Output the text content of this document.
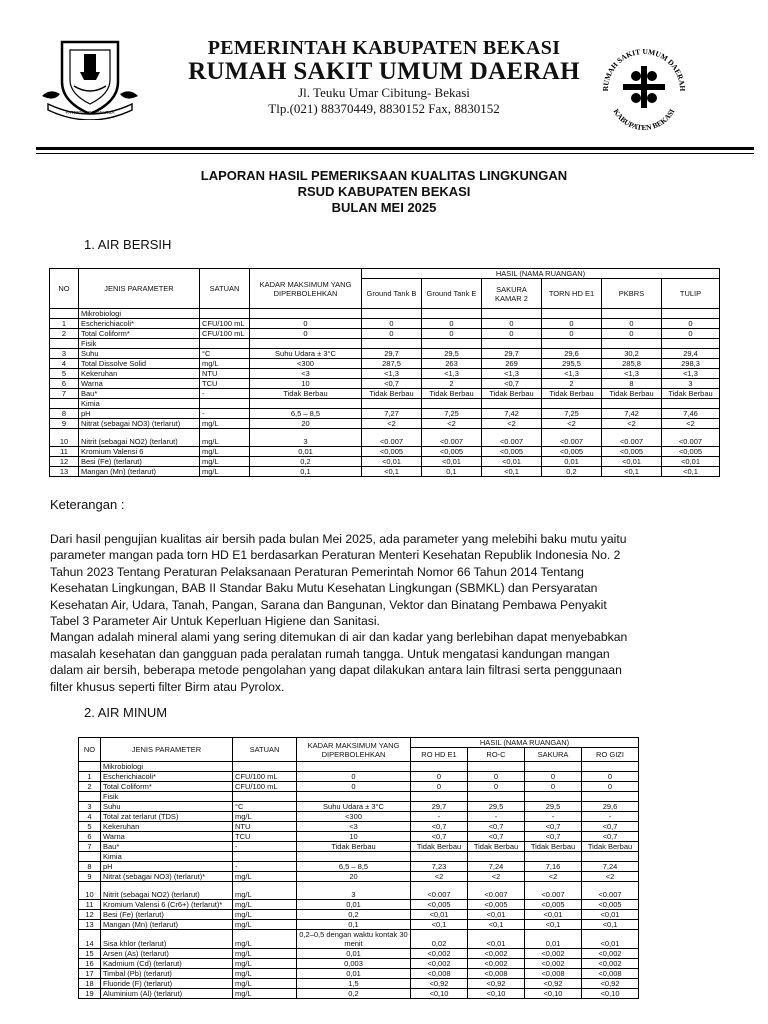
PATRIOT ADILAWARSA
PEMERINTAH KABUPATEN BEKASI
RUMAH SAKIT UMUM DAERAH
Jl. Teuku Umar Cibitung- Bekasi
Tlp.(021) 88370449, 8830152 Fax, 8830152
RUMAH SAKIT UMUM DAERAH
KABUPATEN BEKASI
LAPORAN HASIL PEMERIKSAAN KUALITAS LINGKUNGAN
RSUD KABUPATEN BEKASI
BULAN MEI 2025
1. AIR BERSIH
NO	JENIS PARAMETER	SATUAN	KADAR MAKSIMUM YANG DIPERBOLEHKAN	HASIL (NAMA RUANGAN)					
				Ground Tank B	Ground Tank E	SAKURA KAMAR 2	TORN HD E1	PKBRS	TULIP
	Mikrobiologi								
1	Escherichiacoli*	CFU/100 mL	0	0	0	0	0	0	0
2	Total Coliform*	CFU/100 mL	0	0	0	0	0	0	0
	Fisik								
3	Suhu	°C	Suhu Udara ± 3°C	29,7	29,5	29,7	29,6	30,2	29,4
4	Total Dissolve Solid	mg/L	<300	287,5	263	269	295,5	285,8	298,3
5	Kekeruhan	NTU	<3	<1,3	<1,3	<1,3	<1,3	<1,3	<1,3
6	Warna	TCU	10	<0,7	2	<0,7	2	8	3
7	Bau*	-	Tidak Berbau	Tidak Berbau	Tidak Berbau	Tidak Berbau	Tidak Berbau	Tidak Berbau	Tidak Berbau
	Kimia								
8	pH	-	6,5 – 8,5	7,27	7,25	7,42	7,25	7,42	7,46
9	Nitrat (sebagai NO3) (terlarut)	mg/L	20	<2	<2	<2	<2	<2	<2
10	Nitrit (sebagai NO2) (terlarut)	mg/L	3	<0.007	<0.007	<0.007	<0.007	<0.007	<0.007
11	Kromium Valensi 6	mg/L	0,01	<0,005	<0,005	<0,005	<0,005	<0,005	<0,005
12	Besi (Fe) (terlarut)	mg/L	0,2	<0,01	<0,01	<0,01	0,01	<0,01	<0,01
13	Mangan (Mn) (terlarut)	mg/L	0,1	<0,1	0,1	<0,1	0,2	<0,1	<0,1
Keterangan :
Dari hasil pengujian kualitas air bersih pada bulan Mei 2025, ada parameter yang melebihi baku mutu yaitu
parameter mangan pada torn HD E1 berdasarkan Peraturan Menteri Kesehatan Republik Indonesia No. 2
Tahun 2023 Tentang Peraturan Pelaksanaan Peraturan Pemerintah Nomor 66 Tahun 2014 Tentang
Kesehatan Lingkungan, BAB II Standar Baku Mutu Kesehatan Lingkungan (SBMKL) dan Persyaratan
Kesehatan Air, Udara, Tanah, Pangan, Sarana dan Bangunan, Vektor dan Binatang Pembawa Penyakit
Tabel 3 Parameter Air Untuk Keperluan Higiene dan Sanitasi.
Mangan adalah mineral alami yang sering ditemukan di air dan kadar yang berlebihan dapat menyebabkan
masalah kesehatan dan gangguan pada peralatan rumah tangga. Untuk mengatasi kandungan mangan
dalam air bersih, beberapa metode pengolahan yang dapat dilakukan antara lain filtrasi serta penggunaan
filter khusus seperti filter Birm atau Pyrolox.
2. AIR MINUM
NO	JENIS PARAMETER	SATUAN	KADAR MAKSIMUM YANG DIPERBOLEHKAN	HASIL (NAMA RUANGAN)			
				RO HD E1	RO-C	SAKURA	RO GIZI
	Mikrobiologi						
1	Escherichiacoli*	CFU/100 mL	0	0	0	0	0
2	Total Coliform*	CFU/100 mL	0	0	0	0	0
	Fisik						
3	Suhu	°C	Suhu Udara ± 3°C	29,7	29,5	29,5	29,6
4	Total zat terlarut (TDS)	mg/L	<300	-	-	-	-
5	Kekeruhan	NTU	<3	<0,7	<0,7	<0,7	<0,7
6	Warna	TCU	10	<0,7	<0,7	<0,7	<0,7
7	Bau*	-	Tidak Berbau	Tidak Berbau	Tidak Berbau	Tidak Berbau	Tidak Berbau
	Kimia						
8	pH	-	6,5 – 8,5	7,23	7,24	7,16	7,24
9	Nitrat (sebagai NO3) (terlarut)*	mg/L	20	<2	<2	<2	<2
10	Nitrit (sebagai NO2) (terlarut)	mg/L	3	<0.007	<0.007	<0.007	<0.007
11	Kromium Valensi 6 (Cr6+) (terlarut)*	mg/L	0,01	<0,005	<0,005	<0,005	<0,005
12	Besi (Fe) (terlarut)	mg/L	0,2	<0,01	<0,01	<0,01	<0,01
13	Mangan (Mn) (terlarut)	mg/L	0,1	<0,1	<0,1	<0,1	<0,1
14	Sisa khlor (terlarut)	mg/L	0,2–0,5 dengan waktu kontak 30 menit	0,02	<0,01	0,01	<0,01
15	Arsen (As) (terlarut)	mg/L	0,01	<0,002	<0,002	<0,002	<0,002
16	Kadmium (Cd) (terlarut)	mg/L	0,003	<0,002	<0,002	<0,002	<0,002
17	Timbal (Pb) (terlarut)	mg/L	0,01	<0,008	<0,008	<0,008	<0,008
18	Fluoride (F) (terlarut)	mg/L	1,5	<0,92	<0,92	<0,92	<0,92
19	Aluminium (Al) (terlarut)	mg/L	0,2	<0,10	<0,10	<0,10	<0,10
